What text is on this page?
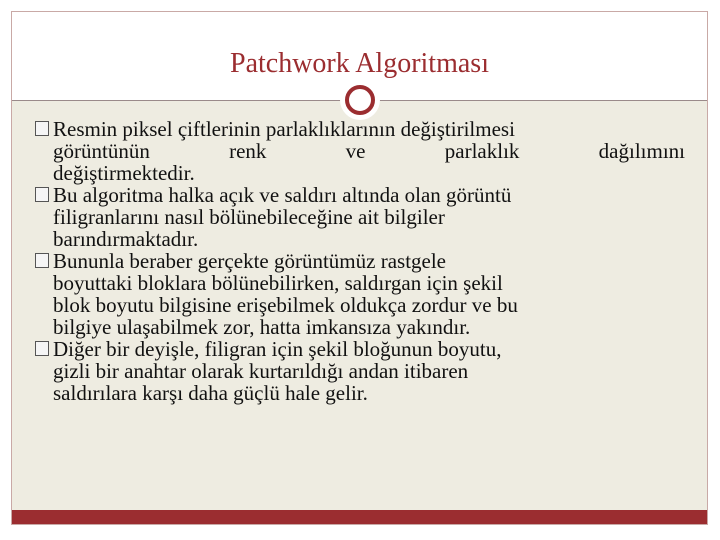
Patchwork Algoritması
Resmin piksel çiftlerinin parlaklıklarının değiştirilmesi
görüntünün renk ve parlaklık dağılımını
değiştirmektedir.
Bu algoritma halka açık ve saldırı altında olan görüntü
filigranlarını nasıl bölünebileceğine ait bilgiler
barındırmaktadır.
Bununla beraber gerçekte görüntümüz rastgele
boyuttaki bloklara bölünebilirken, saldırgan için şekil
blok boyutu bilgisine erişebilmek oldukça zordur ve bu
bilgiye ulaşabilmek zor, hatta imkansıza yakındır.
Diğer bir deyişle, filigran için şekil bloğunun boyutu,
gizli bir anahtar olarak kurtarıldığı andan itibaren
saldırılara karşı daha güçlü hale gelir.
